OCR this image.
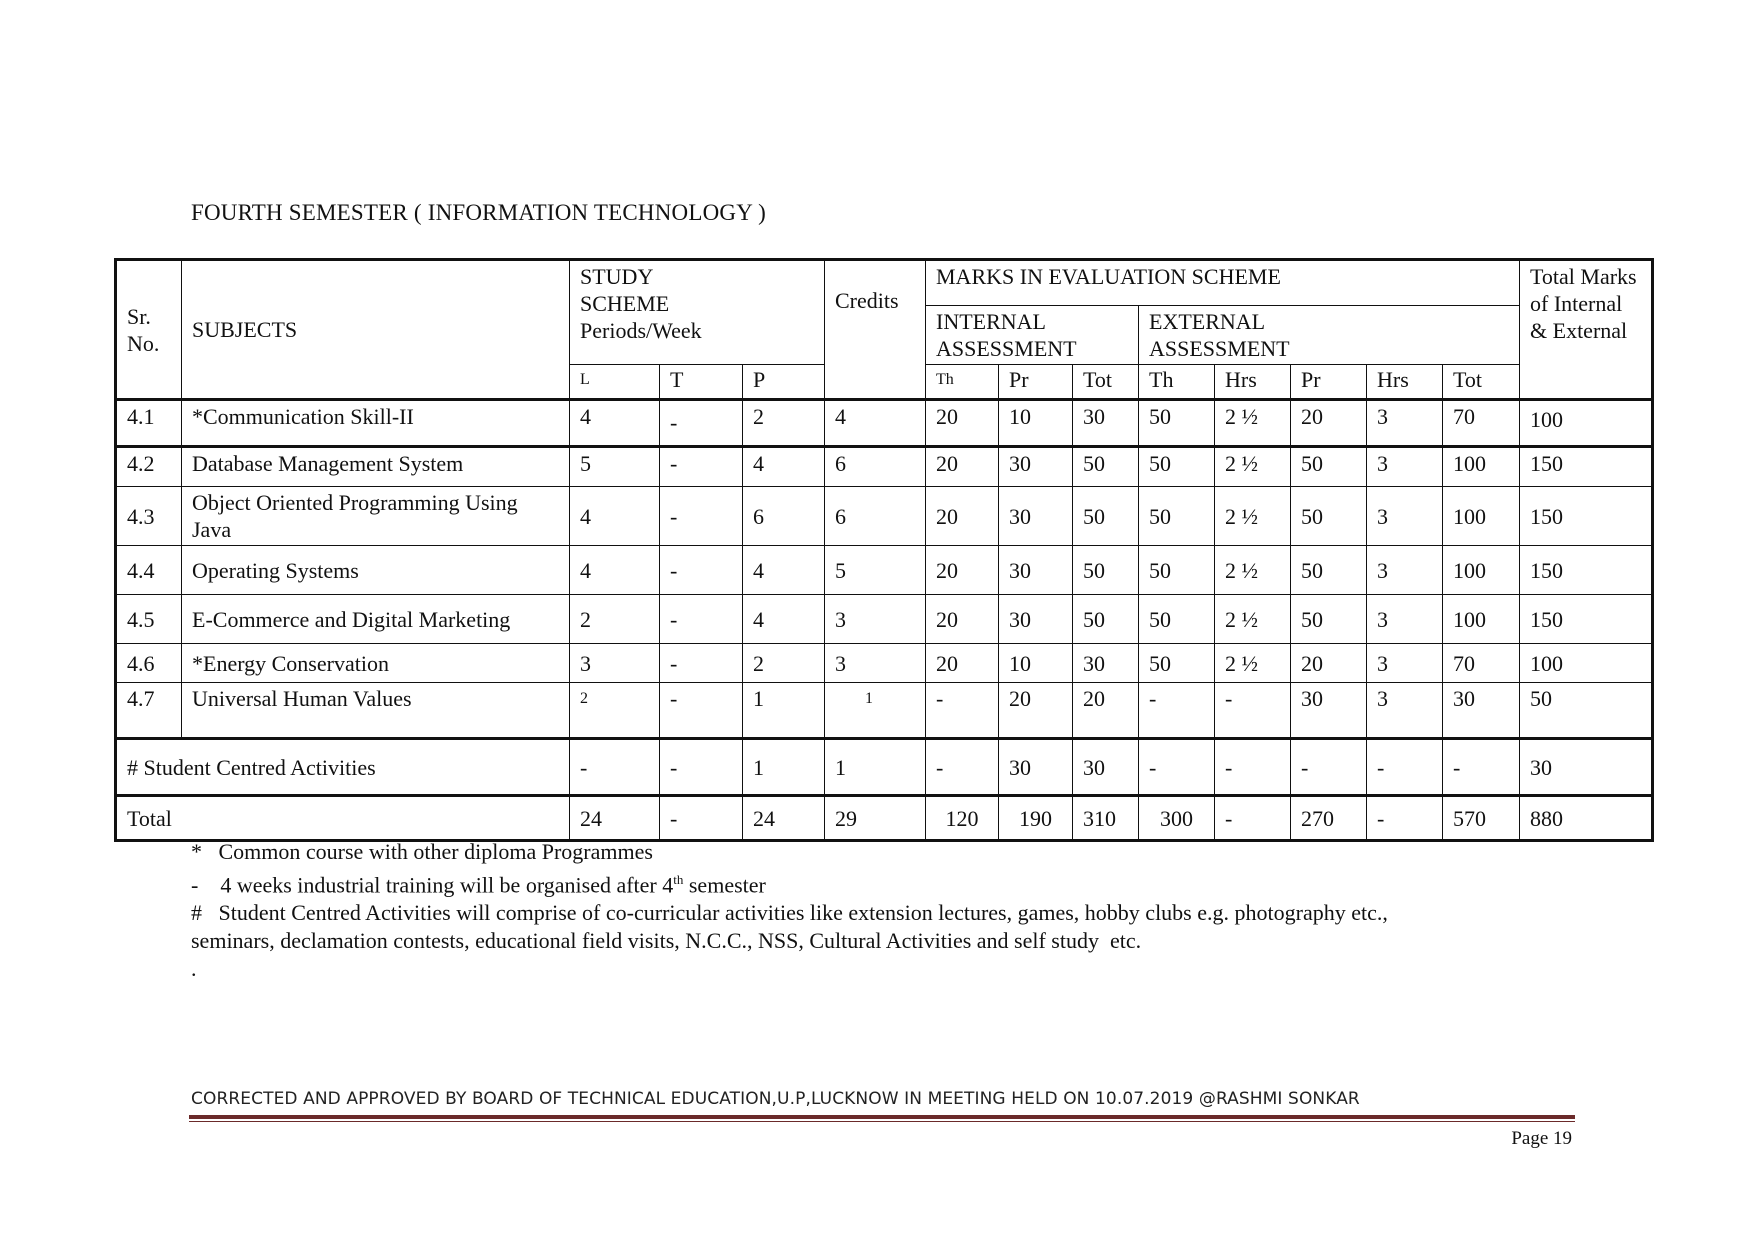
FOURTH SEMESTER ( INFORMATION TECHNOLOGY )
Sr. No.	SUBJECTS	STUDY SCHEME Periods/Week			Credits	MARKS IN EVALUATION SCHEME								Total Marks of Internal & External

						INTERNAL ASSESSMENT			EXTERNAL ASSESSMENT					

		L	T	P		Th	Pr	Tot	Th	Hrs	Pr	Hrs	Tot	
4.1	*Communication Skill-II	4	-	2	4	20	10	30	50	2 ½	20	3	70	100
4.2	Database Management System	5	-	4	6	20	30	50	50	2 ½	50	3	100	150
4.3	Object Oriented Programming Using Java	4	-	6	6	20	30	50	50	2 ½	50	3	100	150
4.4	Operating Systems	4	-	4	5	20	30	50	50	2 ½	50	3	100	150
4.5	E-Commerce and Digital Marketing	2	-	4	3	20	30	50	50	2 ½	50	3	100	150
4.6	*Energy Conservation	3	-	2	3	20	10	30	50	2 ½	20	3	70	100
4.7	Universal Human Values	2	-	1	1	-	20	20	-	-	30	3	30	50
# Student Centred Activities		-	-	1	1	-	30	30	-	-	-	-	-	30
Total		24	-	24	29	120	190	310	300	-	270	-	570	880
*   Common course with other diploma Programmes
-    4 weeks industrial training will be organised after 4th semester
#   Student Centred Activities will comprise of co-curricular activities like extension lectures, games, hobby clubs e.g. photography etc.,
seminars, declamation contests, educational field visits, N.C.C., NSS, Cultural Activities and self study  etc.
.
CORRECTED AND APPROVED BY BOARD OF TECHNICAL EDUCATION,U.P,LUCKNOW IN MEETING HELD ON 10.07.2019 @RASHMI SONKAR
Page 19
